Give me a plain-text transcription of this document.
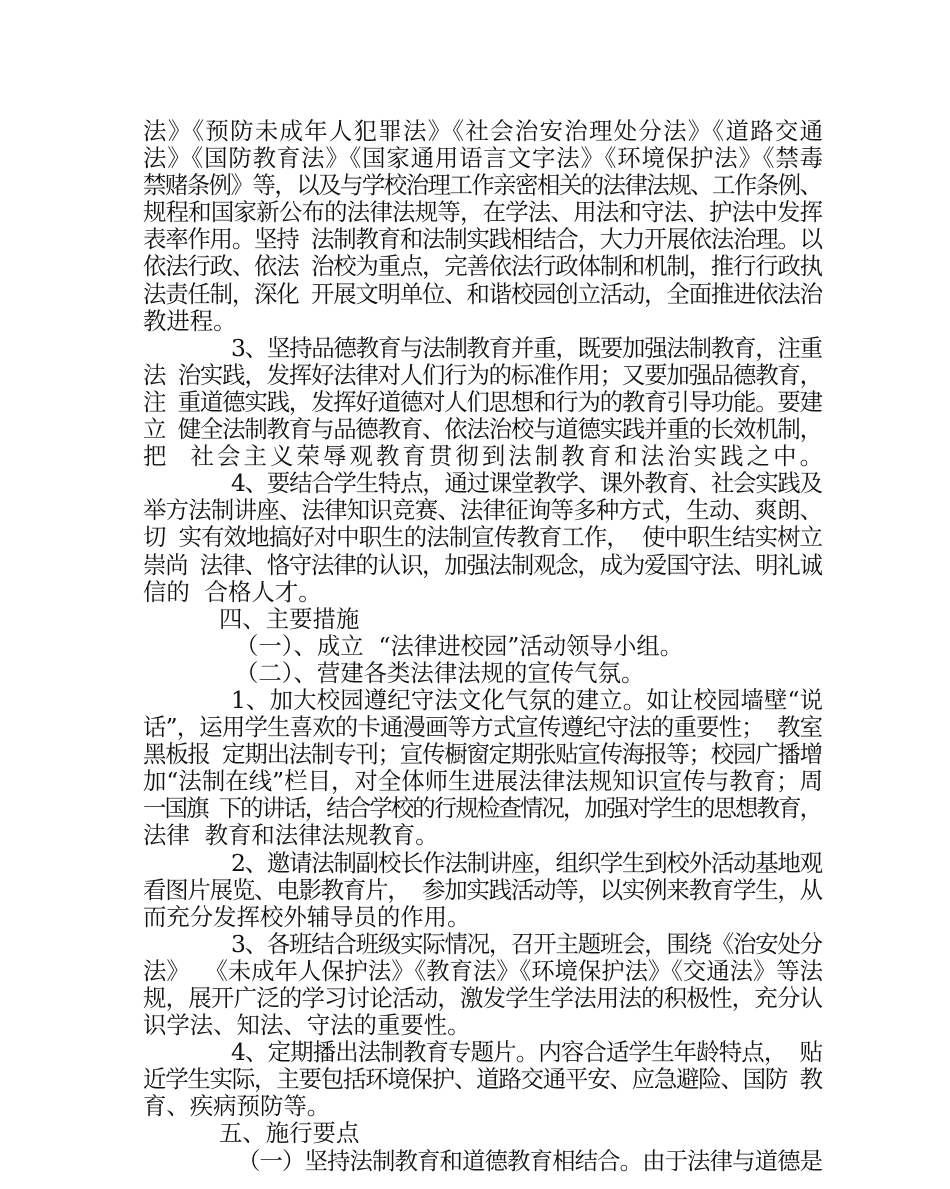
法》《预防未成年人犯罪法》《社会治安治理处分法》《道路交通
法》《国防教育法》《国家通用语言文字法》《环境保护法》《禁毒
禁赌条例》等，以及与学校治理工作亲密相关的法律法规、工作条例、
规程和国家新公布的法律法规等，在学法、用法和守法、护法中发挥
表率作用。坚持  法制教育和法制实践相结合，大力开展依法治理。以
依法行政、依法  治校为重点，完善依法行政体制和机制，推行行政执
法责任制，深化  开展文明单位、和谐校园创立活动，全面推进依法治
教进程。
3、坚持品德教育与法制教育并重，既要加强法制教育，注重
法  治实践，发挥好法律对人们行为的标准作用；又要加强品德教育，
注  重道德实践，发挥好道德对人们思想和行为的教育引导功能。要建
立  健全法制教育与品德教育、依法治校与道德实践并重的长效机制，
把  社会主义荣辱观教育贯彻到法制教育和法治实践之中。
4、要结合学生特点，通过课堂教学、课外教育、社会实践及
举方法制讲座、法律知识竞赛、法律征询等多种方式，生动、爽朗、
切  实有效地搞好对中职生的法制宣传教育工作，  使中职生结实树立
崇尚  法律、恪守法律的认识，加强法制观念，成为爱国守法、明礼诚
信的  合格人才。
四、主要措施
（一）、成立  “法律进校园”活动领导小组。
（二）、营建各类法律法规的宣传气氛。
1、加大校园遵纪守法文化气氛的建立。如让校园墙壁“说
话”，运用学生喜欢的卡通漫画等方式宣传遵纪守法的重要性；  教室
黑板报  定期出法制专刊；宣传橱窗定期张贴宣传海报等；校园广播增
加“法制在线”栏目，对全体师生进展法律法规知识宣传与教育；周
一国旗  下的讲话，结合学校的行规检查情况，加强对学生的思想教育，
法律  教育和法律法规教育。
2、邀请法制副校长作法制讲座，组织学生到校外活动基地观
看图片展览、电影教育片，  参加实践活动等，以实例来教育学生，从
而充分发挥校外辅导员的作用。
3、各班结合班级实际情况，召开主题班会，围绕《治安处分
法》  《未成年人保护法》《教育法》《环境保护法》《交通法》等法
规，展开广泛的学习讨论活动，激发学生学法用法的积极性，充分认
识学法、知法、守法的重要性。
4、定期播出法制教育专题片。内容合适学生年龄特点，  贴
近学生实际，主要包括环境保护、道路交通平安、应急避险、国防  教
育、疾病预防等。
五、施行要点
（一）坚持法制教育和道德教育相结合。由于法律与道德是
